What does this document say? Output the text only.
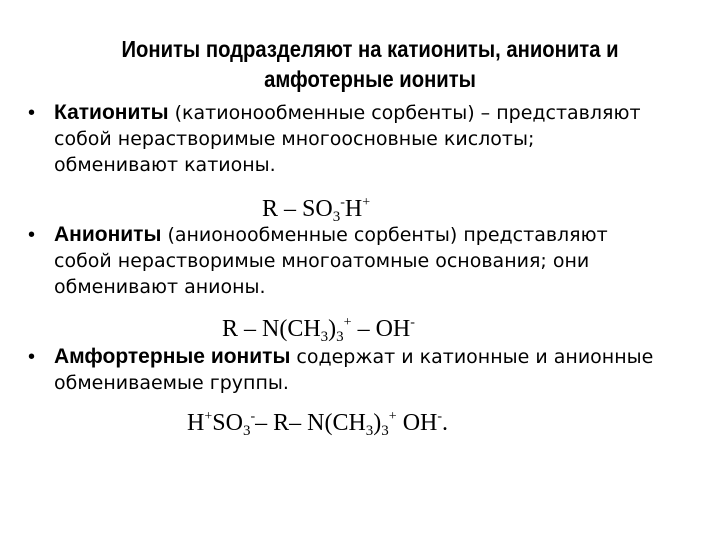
Иониты подразделяют на катиониты, анионита и
амфотерные иониты
• Катиониты (катионообменные сорбенты) – представляют
собой нерастворимые многоосновные кислоты;
обменивают катионы.
R – $SO_3^-H^+$
• Аниониты (анионообменные сорбенты) представляют
собой нерастворимые многоатомные основания; они
обменивают анионы.
R – $N(CH_3)_3^+ - OH^-$
• Амфортерные иониты содержат и катионные и анионные
обмениваемые группы.
$H^+SO_3^--$ R– $N(CH_3)_3^+$ OH-.
